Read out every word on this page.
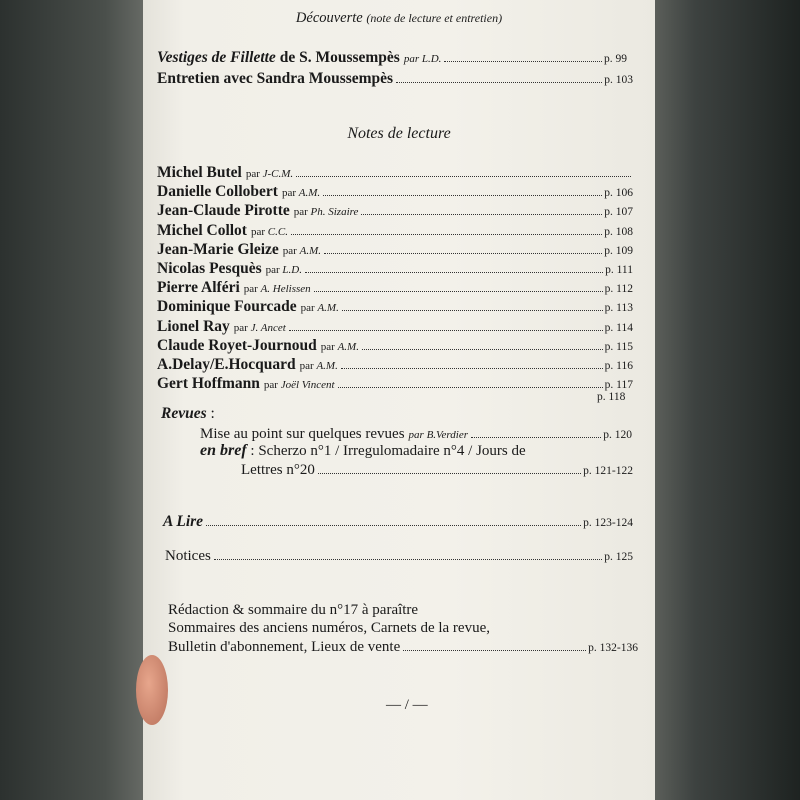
Découverte (note de lecture et entretien)
Vestiges de Fillette de S. Moussempès par L.D.	p. 99
Entretien avec Sandra Moussempès	p. 103
Notes de lecture
Michel Butel par J-C.M.
Danielle Collobert par A.M.	p. 106
Jean-Claude Pirotte par Ph. Sizaire	p. 107
Michel Collot par C.C.	p. 108
Jean-Marie Gleize par A.M.	p. 109
Nicolas Pesquès par L.D.	p. 111
Pierre Alféri par A. Helissen	p. 112
Dominique Fourcade par A.M.	p. 113
Lionel Ray par J. Ancet	p. 114
Claude Royet-Journoud par A.M.	p. 115
A.Delay/E.Hocquard par A.M.	p. 116
Gert Hoffmann par Joël Vincent	p. 117
p. 118
Revues :
Mise au point sur quelques revues par B.Verdier	p. 120
en bref : Scherzo n°1 / Irregulomadaire n°4 / Jours de
Lettres n°20	p. 121-122
A Lire	p. 123-124
Notices	p. 125
Rédaction & sommaire du n°17 à paraître
Sommaires des anciens numéros, Carnets de la revue,
Bulletin d'abonnement, Lieux de vente	p. 132-136
— / —
